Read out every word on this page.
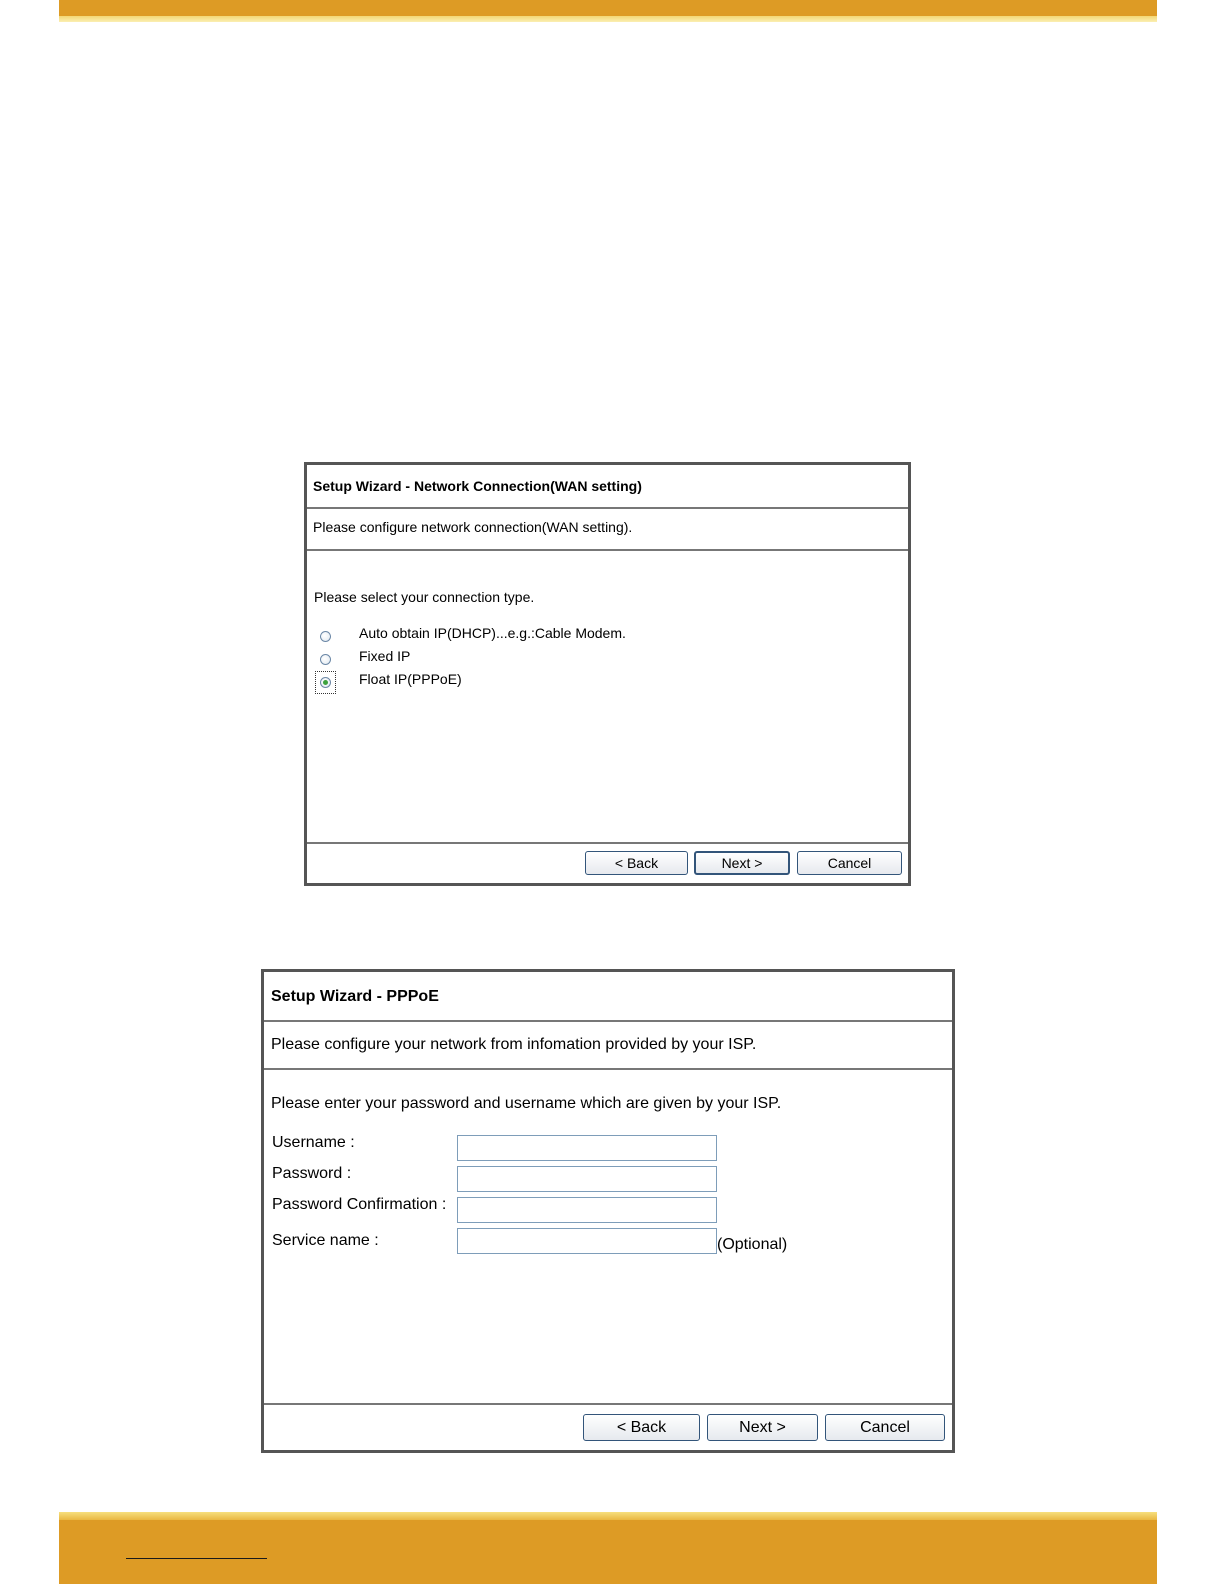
Setup Wizard - Network Connection(WAN setting)
Please configure network connection(WAN setting).
Please select your connection type.
Auto obtain IP(DHCP)...e.g.:Cable Modem.
Fixed IP
Float IP(PPPoE)
< Back	Next >	Cancel
Setup Wizard - PPPoE
Please configure your network from infomation provided by your ISP.
Please enter your password and username which are given by your ISP.
Username :
Password :
Password Confirmation :
Service name :	(Optional)
< Back	Next >	Cancel
